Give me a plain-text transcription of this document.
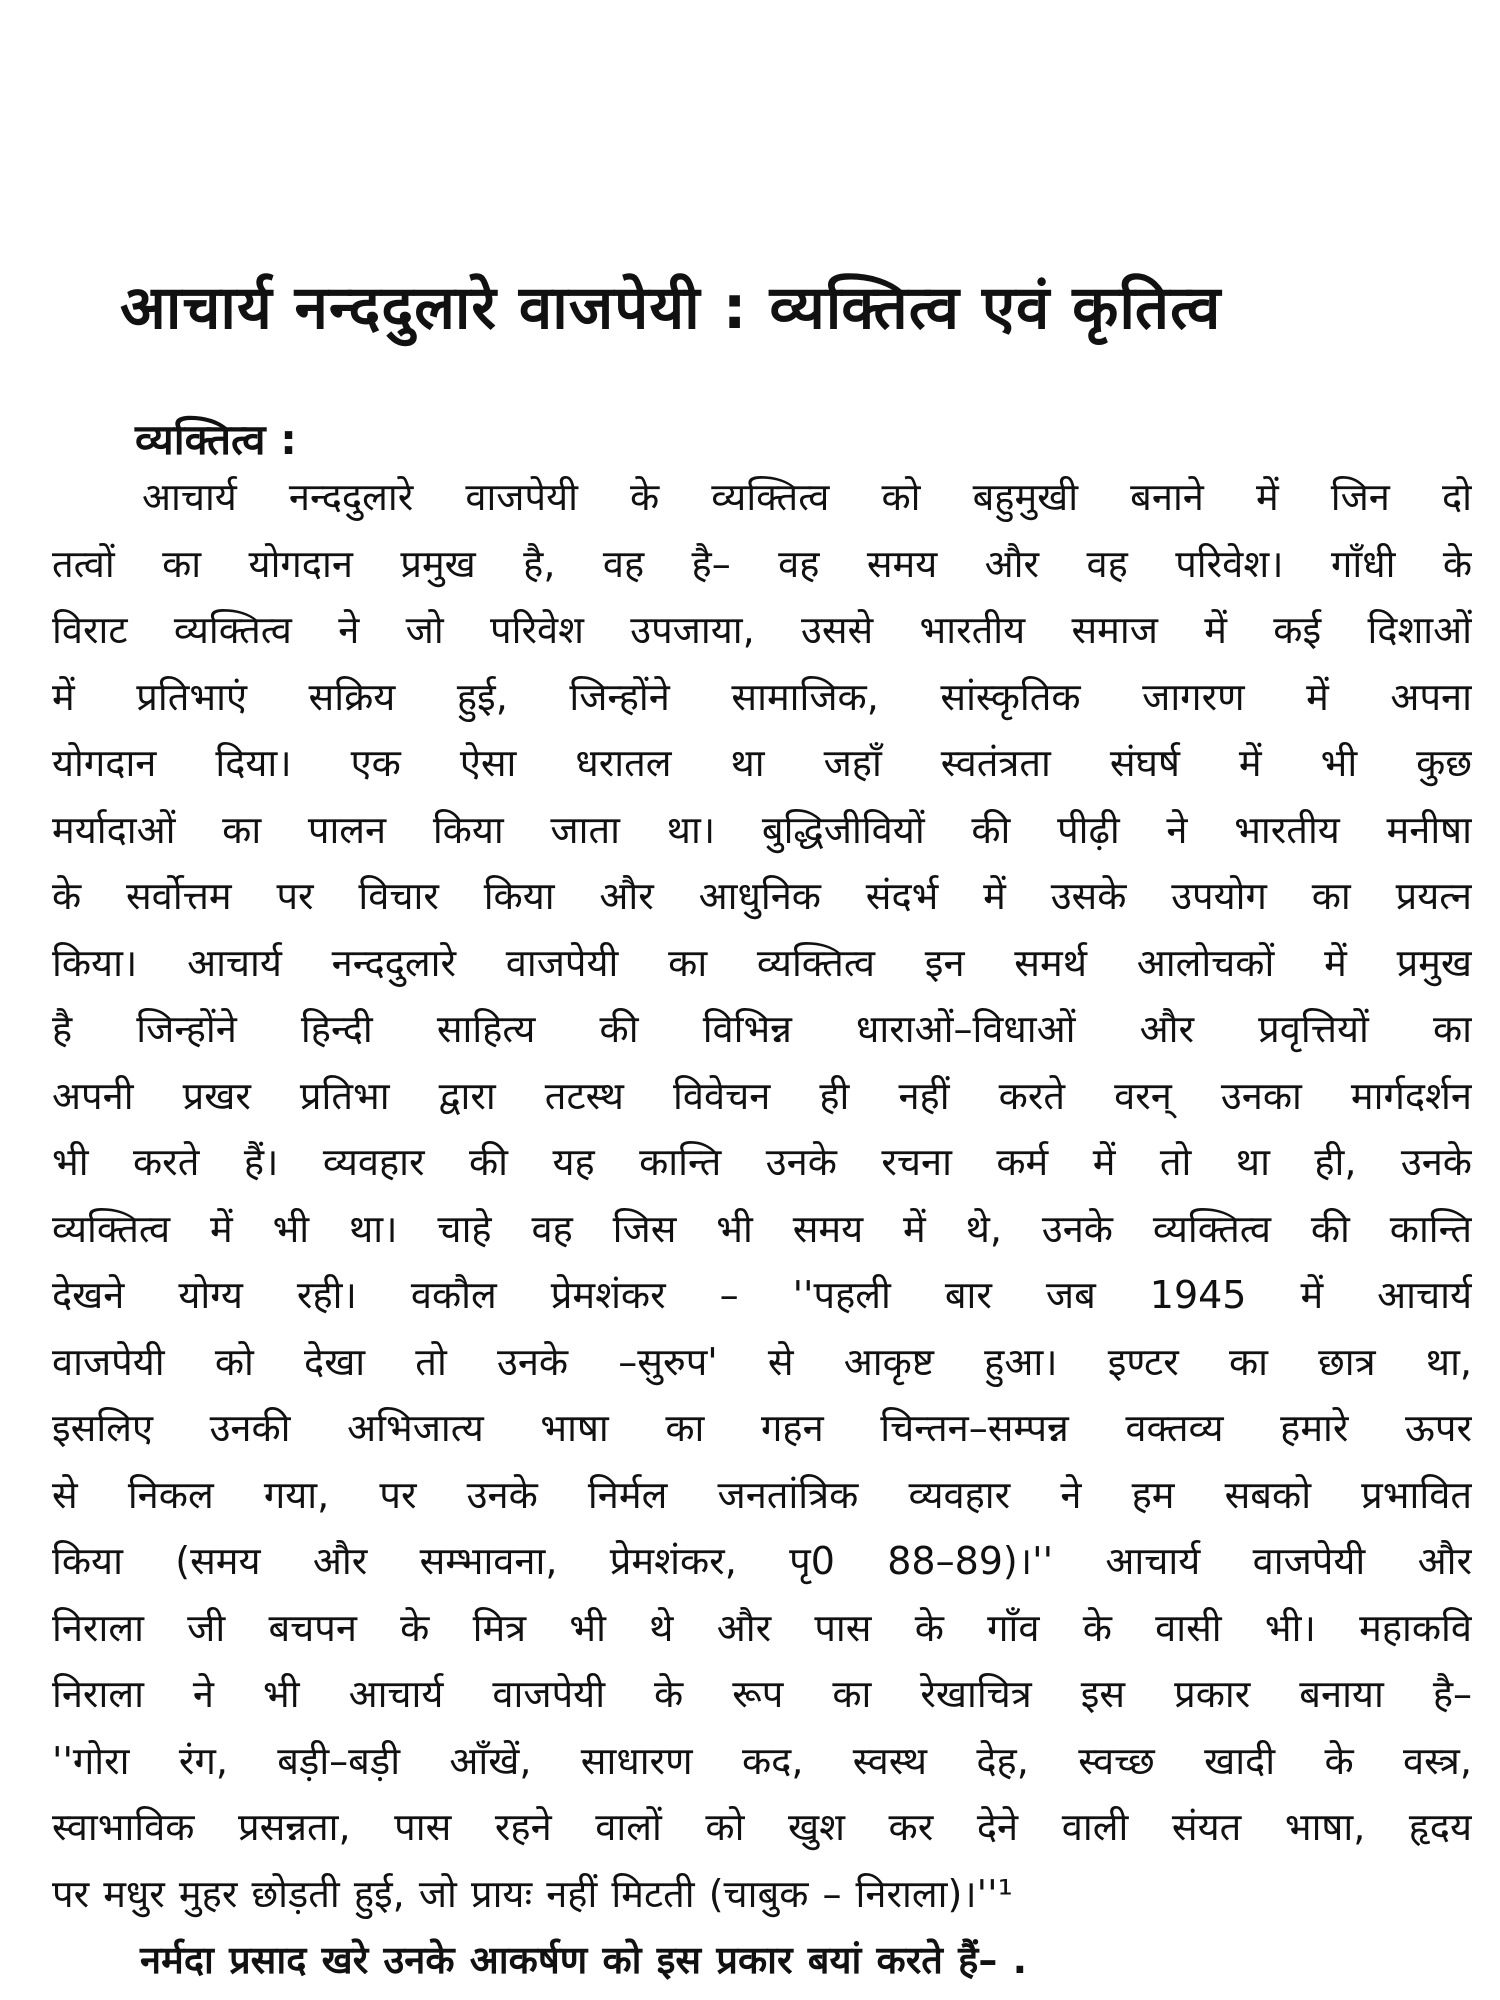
आचार्य नन्ददुलारे वाजपेयी : व्यक्तित्व एवं कृतित्व
व्यक्तित्व :
आचार्य नन्ददुलारे वाजपेयी के व्यक्तित्व को बहुमुखी बनाने में जिन दो
तत्वों का योगदान प्रमुख है, वह है– वह समय और वह परिवेश। गाँधी के
विराट व्यक्तित्व ने जो परिवेश उपजाया, उससे भारतीय समाज में कई दिशाओं
में प्रतिभाएं सक्रिय हुई, जिन्होंने सामाजिक, सांस्कृतिक जागरण में अपना
योगदान दिया। एक ऐसा धरातल था जहाँ स्वतंत्रता संघर्ष में भी कुछ
मर्यादाओं का पालन किया जाता था। बुद्धिजीवियों की पीढ़ी ने भारतीय मनीषा
के सर्वोत्तम पर विचार किया और आधुनिक संदर्भ में उसके उपयोग का प्रयत्न
किया। आचार्य नन्ददुलारे वाजपेयी का व्यक्तित्व इन समर्थ आलोचकों में प्रमुख
है जिन्होंने हिन्दी साहित्य की विभिन्न धाराओं–विधाओं और प्रवृत्तियों का
अपनी प्रखर प्रतिभा द्वारा तटस्थ विवेचन ही नहीं करते वरन् उनका मार्गदर्शन
भी करते हैं। व्यवहार की यह कान्ति उनके रचना कर्म में तो था ही, उनके
व्यक्तित्व में भी था। चाहे वह जिस भी समय में थे, उनके व्यक्तित्व की कान्ति
देखने योग्य रही। वकौल प्रेमशंकर – ''पहली बार जब 1945 में आचार्य
वाजपेयी को देखा तो उनके –सुरुप' से आकृष्ट हुआ। इण्टर का छात्र था,
इसलिए उनकी अभिजात्य भाषा का गहन चिन्तन–सम्पन्न वक्तव्य हमारे ऊपर
से निकल गया, पर उनके निर्मल जनतांत्रिक व्यवहार ने हम सबको प्रभावित
किया (समय और सम्भावना, प्रेमशंकर, पृ0 88–89)।'' आचार्य वाजपेयी और
निराला जी बचपन के मित्र भी थे और पास के गाँव के वासी भी। महाकवि
निराला ने भी आचार्य वाजपेयी के रूप का रेखाचित्र इस प्रकार बनाया है–
''गोरा रंग, बड़ी–बड़ी आँखें, साधारण कद, स्वस्थ देह, स्वच्छ खादी के वस्त्र,
स्वाभाविक प्रसन्नता, पास रहने वालों को खुश कर देने वाली संयत भाषा, हृदय
पर मधुर मुहर छोड़ती हुई, जो प्रायः नहीं मिटती (चाबुक – निराला)।''¹
नर्मदा प्रसाद खरे उनके आकर्षण को इस प्रकार बयां करते हैं– .
